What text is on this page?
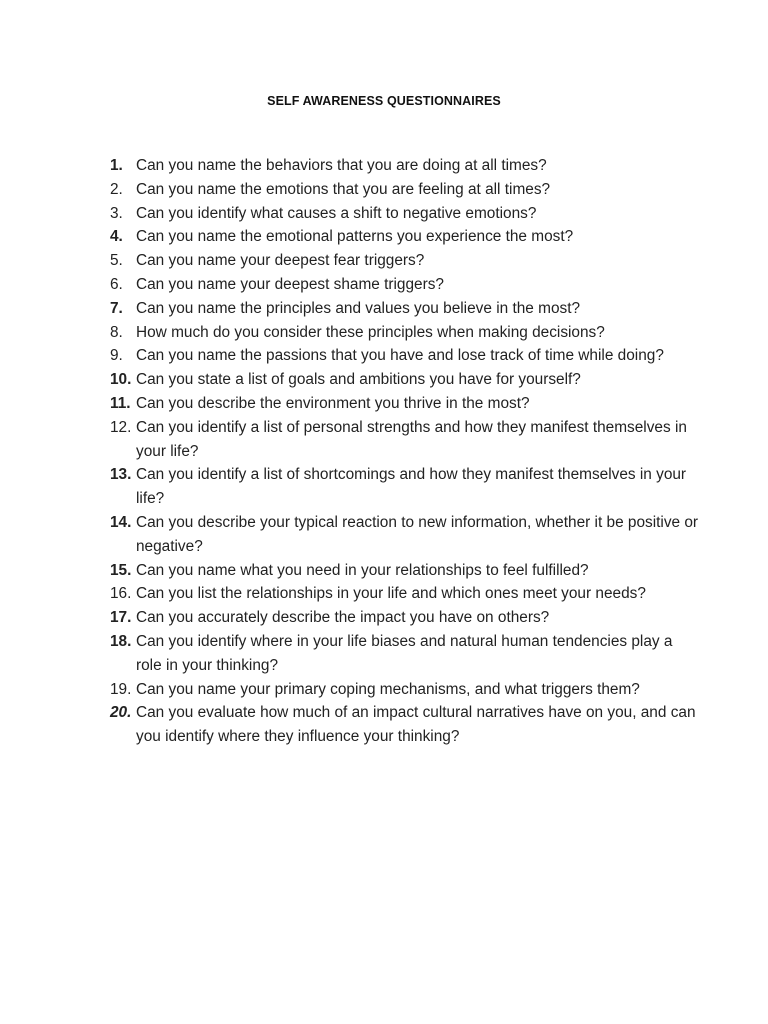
SELF AWARENESS QUESTIONNAIRES
1. Can you name the behaviors that you are doing at all times?
2. Can you name the emotions that you are feeling at all times?
3. Can you identify what causes a shift to negative emotions?
4. Can you name the emotional patterns you experience the most?
5. Can you name your deepest fear triggers?
6. Can you name your deepest shame triggers?
7. Can you name the principles and values you believe in the most?
8. How much do you consider these principles when making decisions?
9. Can you name the passions that you have and lose track of time while doing?
10. Can you state a list of goals and ambitions you have for yourself?
11. Can you describe the environment you thrive in the most?
12. Can you identify a list of personal strengths and how they manifest themselves in your life?
13. Can you identify a list of shortcomings and how they manifest themselves in your life?
14. Can you describe your typical reaction to new information, whether it be positive or negative?
15. Can you name what you need in your relationships to feel fulfilled?
16. Can you list the relationships in your life and which ones meet your needs?
17. Can you accurately describe the impact you have on others?
18. Can you identify where in your life biases and natural human tendencies play a role in your thinking?
19. Can you name your primary coping mechanisms, and what triggers them?
20. Can you evaluate how much of an impact cultural narratives have on you, and can you identify where they influence your thinking?
